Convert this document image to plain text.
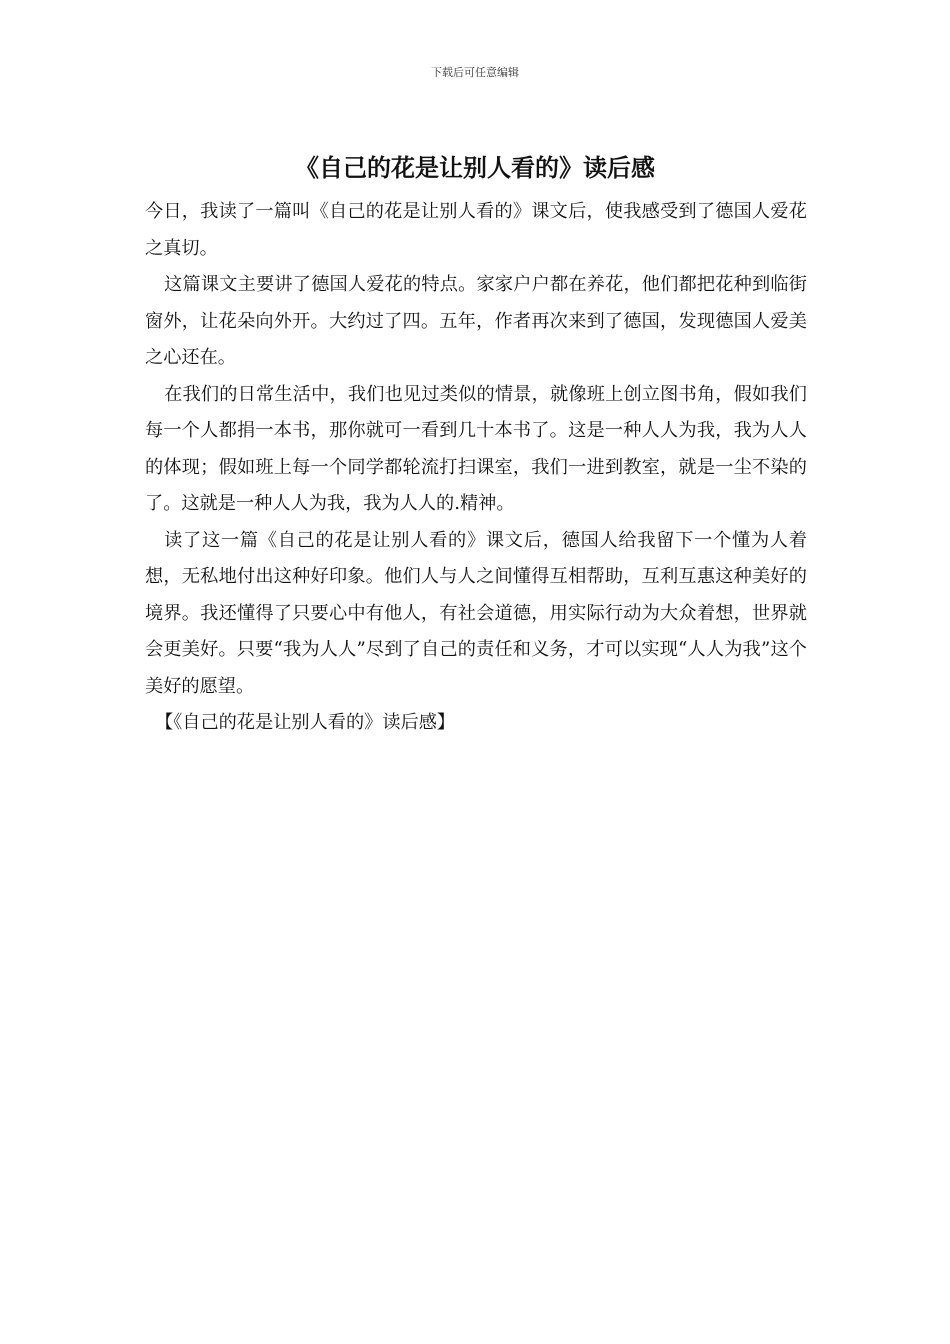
下载后可任意编辑
《自己的花是让别人看的》读后感

今日，我读了一篇叫《自己的花是让别人看的》课文后，使我感受到了德国人爱花之真切。

这篇课文主要讲了德国人爱花的特点。家家户户都在养花，他们都把花种到临街窗外，让花朵向外开。大约过了四。五年，作者再次来到了德国，发现德国人爱美之心还在。

在我们的日常生活中，我们也见过类似的情景，就像班上创立图书角，假如我们每一个人都捐一本书，那你就可一看到几十本书了。这是一种人人为我，我为人人的体现；假如班上每一个同学都轮流打扫课室，我们一进到教室，就是一尘不染的了。这就是一种人人为我，我为人人的.精神。

读了这一篇《自己的花是让别人看的》课文后，德国人给我留下一个懂为人着想，无私地付出这种好印象。他们人与人之间懂得互相帮助，互利互惠这种美好的境界。我还懂得了只要心中有他人，有社会道德，用实际行动为大众着想，世界就会更美好。只要“我为人人”尽到了自己的责任和义务，才可以实现“人人为我”这个美好的愿望。

【《自己的花是让别人看的》读后感】
